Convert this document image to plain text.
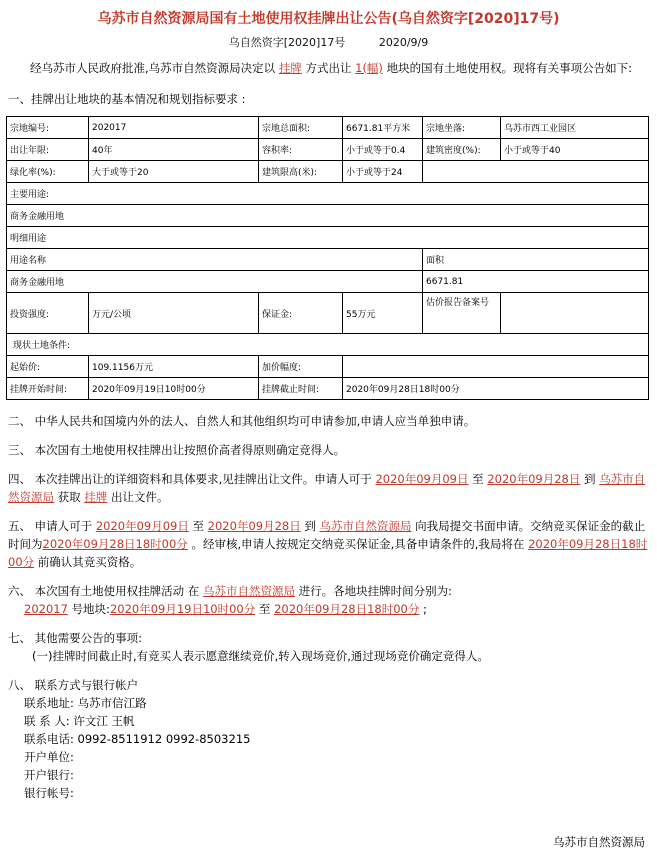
乌苏市自然资源局国有土地使用权挂牌出让公告(乌自然资字[2020]17号)
乌自然资字[2020]17号	2020/9/9
经乌苏市人民政府批准,乌苏市自然资源局决定以 挂牌 方式出让 1(幅) 地块的国有土地使用权。现将有关事项公告如下:
一、挂牌出让地块的基本情况和规划指标要求 :
宗地编号:	202017	宗地总面积:	6671.81平方米	宗地坐落:	乌苏市西工业园区
出让年限:	40年	容积率:	小于或等于0.4	建筑密度(%):	小于或等于40
绿化率(%):	大于或等于20	建筑限高(米):	小于或等于24		
主要用途:					
商务金融用地					
明细用途					
用途名称				面积	
商务金融用地				6671.81	
投资强度:	万元/公顷	保证金:	55万元	估价报告备案号	
现状土地条件:					
起始价:	109.1156万元	加价幅度:			
挂牌开始时间:	2020年09月19日10时00分	挂牌截止时间:	2020年09月28日18时00分		
二、 中华人民共和国境内外的法人、自然人和其他组织均可申请参加,申请人应当单独申请。
三、 本次国有土地使用权挂牌出让按照价高者得原则确定竞得人。
四、 本次挂牌出让的详细资料和具体要求,见挂牌出让文件。申请人可于 2020年09月09日 至 2020年09月28日 到 乌苏市自然资源局 获取 挂牌 出让文件。
五、 申请人可于 2020年09月09日 至 2020年09月28日 到 乌苏市自然资源局 向我局提交书面申请。交纳竞买保证金的截止时间为2020年09月28日18时00分 。经审核,申请人按规定交纳竞买保证金,具备申请条件的,我局将在 2020年09月28日18时00分 前确认其竞买资格。
六、 本次国有土地使用权挂牌活动 在 乌苏市自然资源局 进行。各地块挂牌时间分别为:
202017 号地块:2020年09月19日10时00分 至 2020年09月28日18时00分 ;
七、 其他需要公告的事项:
(一)挂牌时间截止时,有竞买人表示愿意继续竞价,转入现场竞价,通过现场竞价确定竞得人。
八、 联系方式与银行帐户
联系地址: 乌苏市信江路
联 系 人: 许文江 王帆
联系电话: 0992-8511912 0992-8503215
开户单位:
开户银行:
银行帐号:
乌苏市自然资源局
